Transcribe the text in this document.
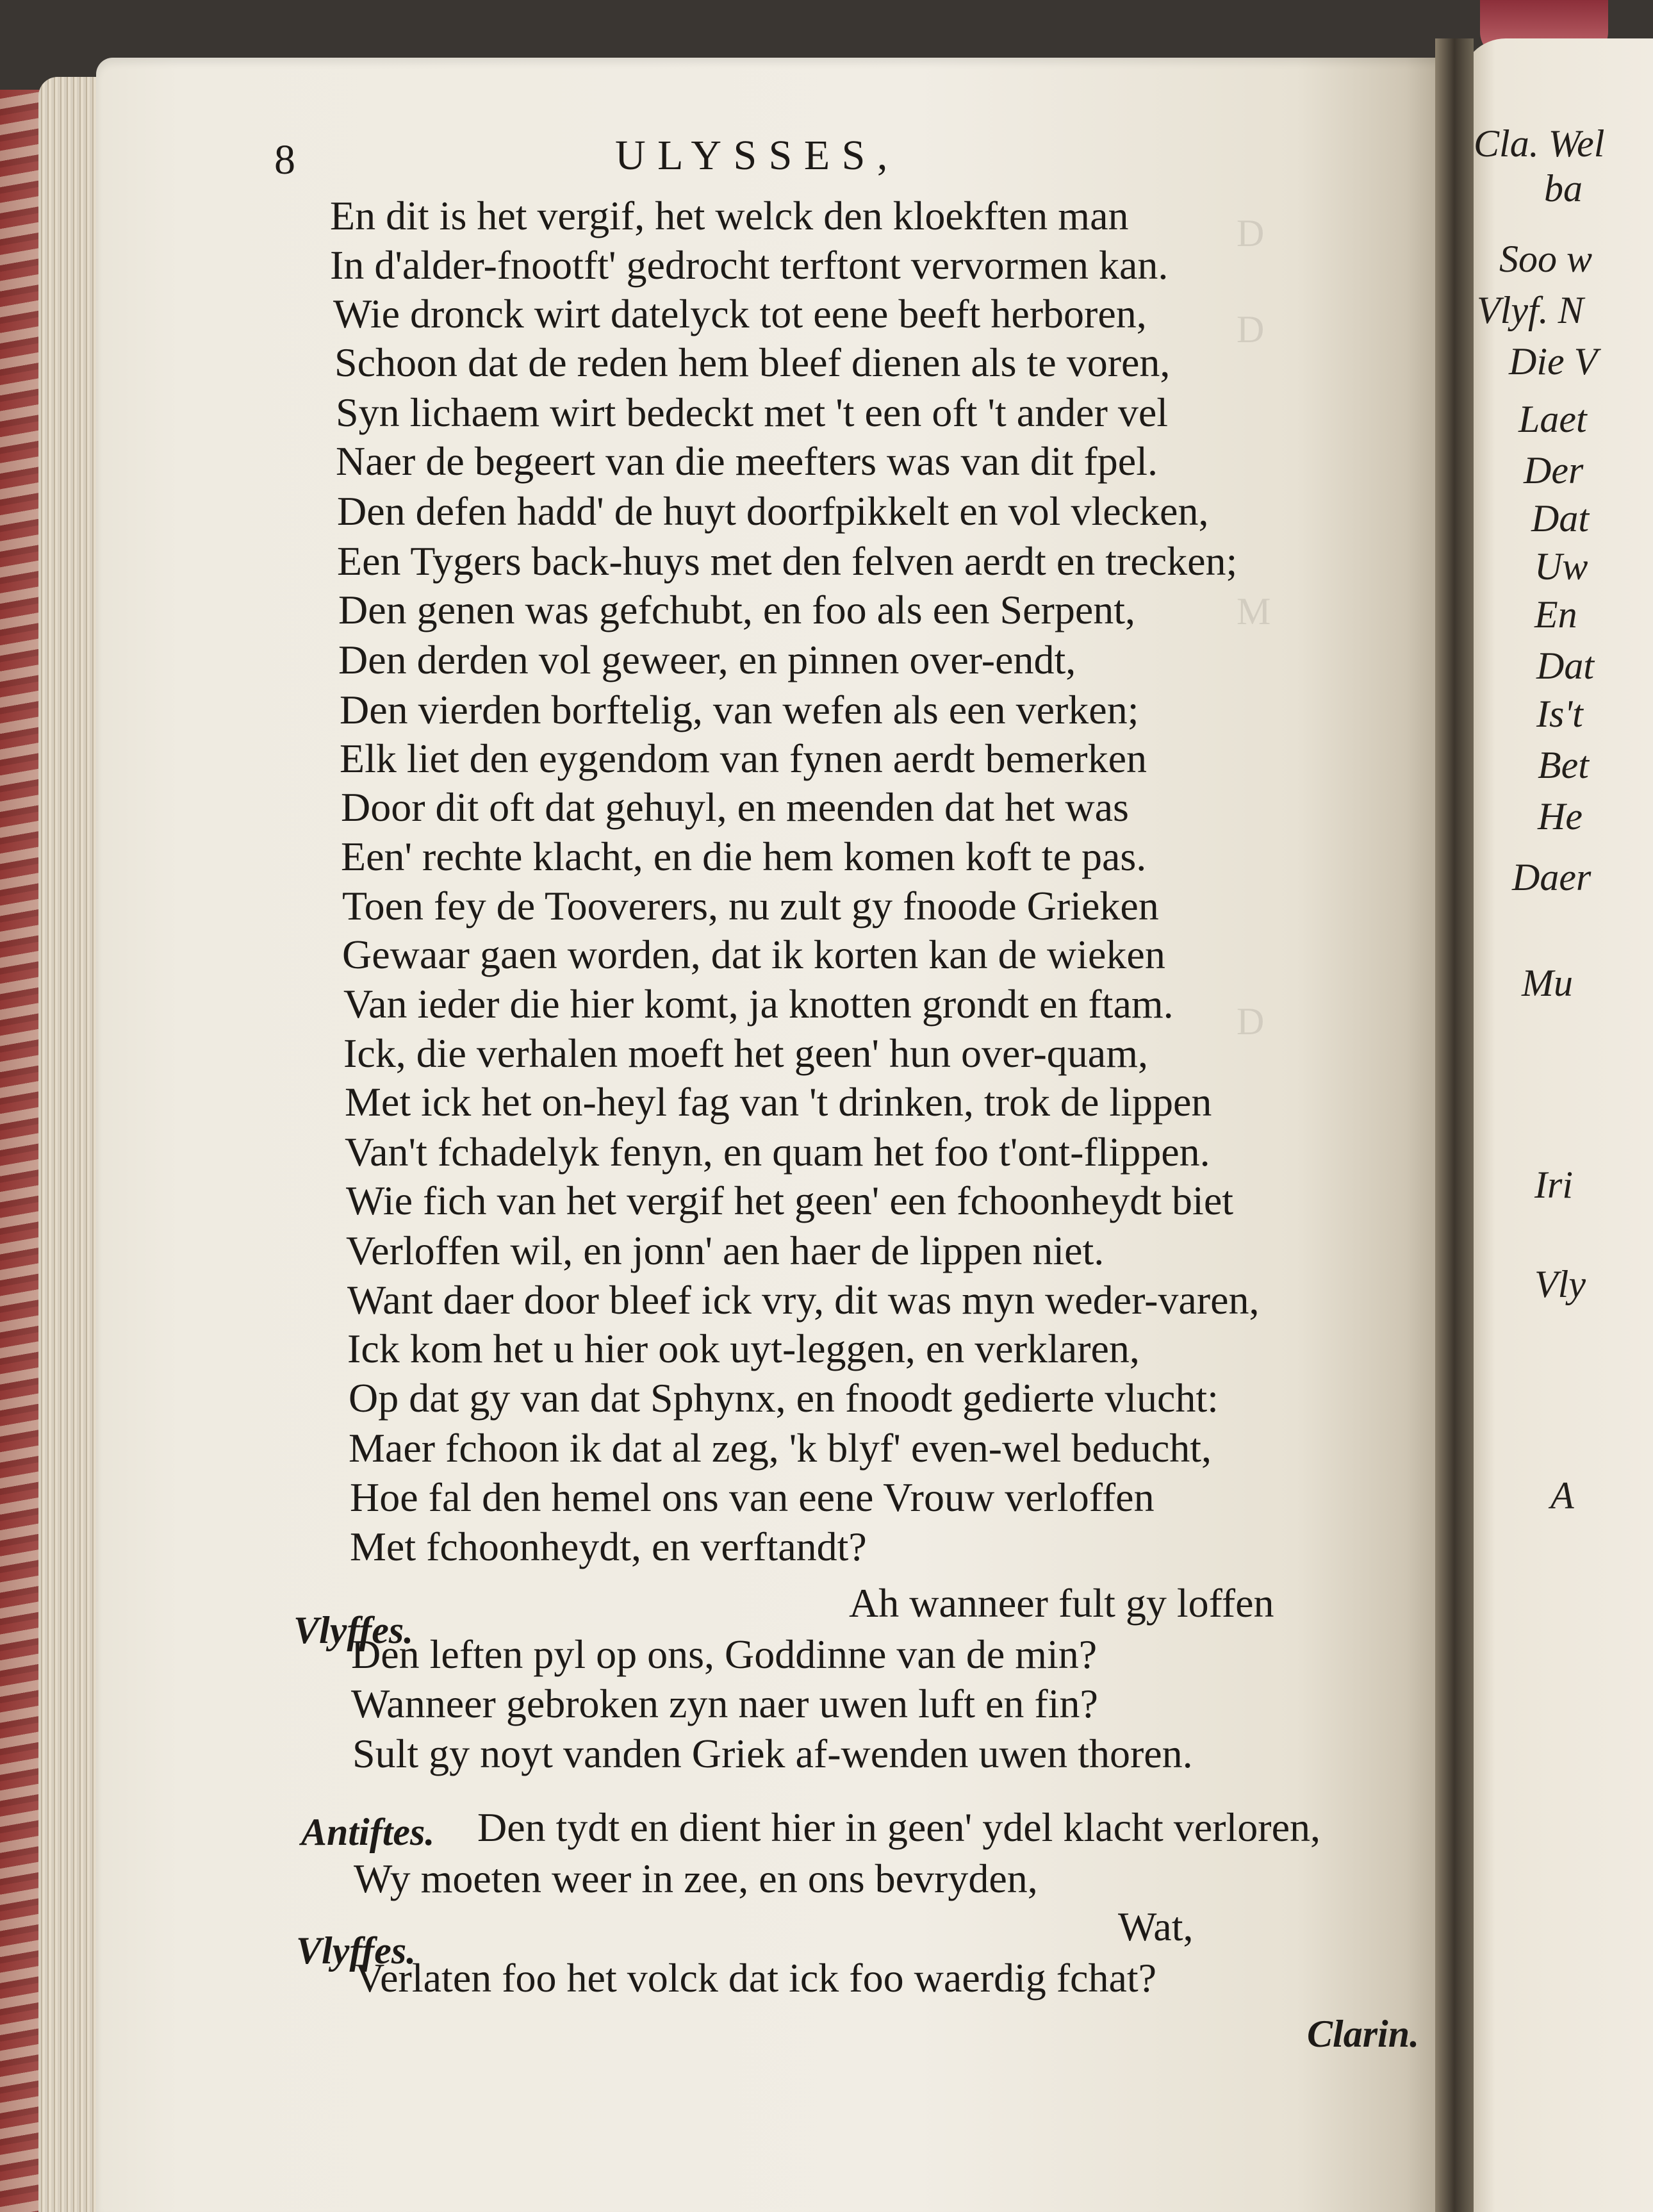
8	ULYSSES,
D
D
M
D
En dit is het vergif, het welck den kloekften man
In d'alder-fnootft' gedrocht terftont vervormen kan.
Wie dronck wirt datelyck tot eene beeft herboren,
Schoon dat de reden hem bleef dienen als te voren,
Syn lichaem wirt bedeckt met 't een oft 't ander vel
Naer de begeert van die meefters was van dit fpel.
Den defen hadd' de huyt doorfpikkelt en vol vlecken,
Een Tygers back-huys met den felven aerdt en trecken;
Den genen was gefchubt, en foo als een Serpent,
Den derden vol geweer, en pinnen over-endt,
Den vierden borftelig, van wefen als een verken;
Elk liet den eygendom van fynen aerdt bemerken
Door dit oft dat gehuyl, en meenden dat het was
Een' rechte klacht, en die hem komen koft te pas.
Toen fey de Tooverers, nu zult gy fnoode Grieken
Gewaar gaen worden, dat ik korten kan de wieken
Van ieder die hier komt, ja knotten grondt en ftam.
Ick, die verhalen moeft het geen' hun over-quam,
Met ick het on-heyl fag van 't drinken, trok de lippen
Van't fchadelyk fenyn, en quam het foo t'ont-flippen.
Wie fich van het vergif het geen' een fchoonheydt biet
Verloffen wil, en jonn' aen haer de lippen niet.
Want daer door bleef ick vry, dit was myn weder-varen,
Ick kom het u hier ook uyt-leggen, en verklaren,
Op dat gy van dat Sphynx, en fnoodt gedierte vlucht:
Maer fchoon ik dat al zeg, 'k blyf' even-wel beducht,
Hoe fal den hemel ons van eene Vrouw verloffen
Met fchoonheydt, en verftandt?
Vlyffes.
Ah wanneer fult gy loffen
Den leften pyl op ons, Goddinne van de min?
Wanneer gebroken zyn naer uwen luft en fin?
Sult gy noyt vanden Griek af-wenden uwen thoren.
Antiftes. Den tydt en dient hier in geen' ydel klacht verloren,
Wy moeten weer in zee, en ons bevryden,
Vlyffes.
Wat,
Verlaten foo het volck dat ick foo waerdig fchat?
Clarin.
Cla. Wel
ba
Soo w
Vlyf. N
Die V
Laet
Der
Dat
Uw
En
Dat
Is't
Bet
He
Daer
Mu
Iri
Vly
A
